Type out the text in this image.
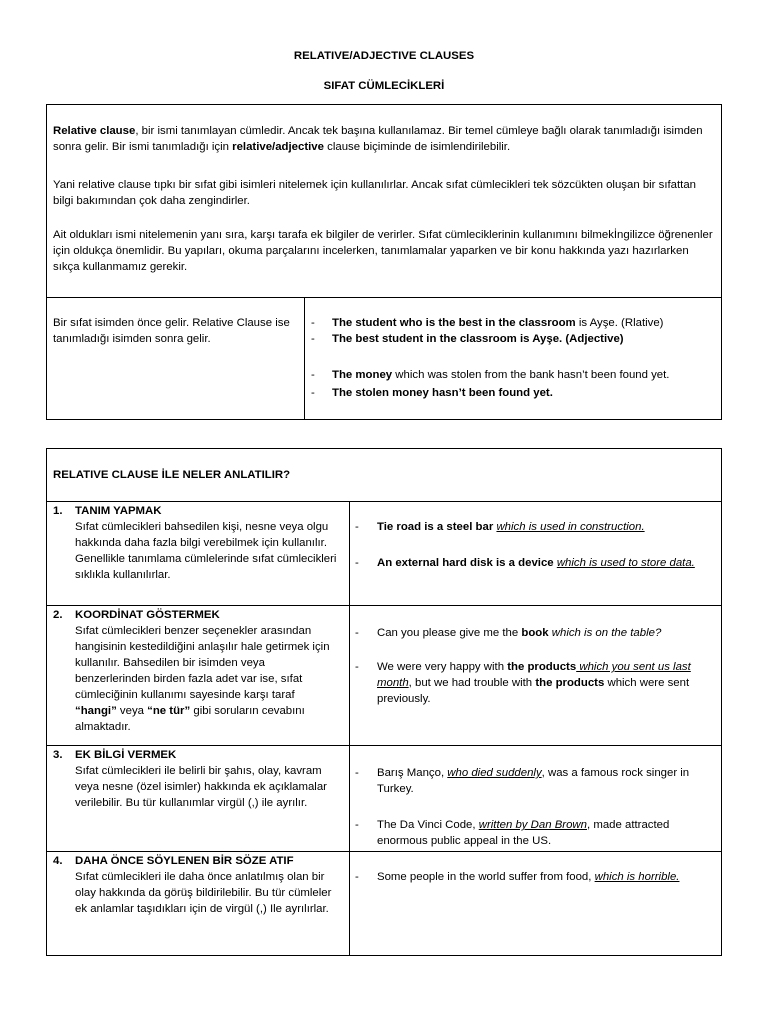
RELATIVE/ADJECTIVE CLAUSES
SIFAT CÜMLECİKLERİ

Relative clause, bir ismi tanımlayan cümledir. Ancak tek başına kullanılamaz. Bir temel cümleye bağlı olarak tanımladığı isimden sonra gelir. Bir ismi tanımladığı için relative/adjective clause biçiminde de isimlendirilebilir.

Yani relative clause tıpkı bir sıfat gibi isimleri nitelemek için kullanılırlar. Ancak sıfat cümlecikleri tek sözcükten oluşan bir sıfattan bilgi bakımından çok daha zengindirler.

Ait oldukları ismi nitelemenin yanı sıra, karşı tarafa ek bilgiler de verirler. Sıfat cümleciklerinin kullanımını bilmekİngilizce öğrenenler için oldukça önemlidir. Bu yapıları, okuma parçalarını incelerken, tanımlamalar yaparken ve bir konu hakkında yazı hazırlarken sıkça kullanmamız gerekir.

Bir sıfat isimden önce gelir. Relative Clause ise tanımladığı isimden sonra gelir.
- The student who is the best in the classroom is Ayşe. (Rlative)
- The best student in the classroom is Ayşe. (Adjective)
- The money which was stolen from the bank hasn’t been found yet.
- The stolen money hasn’t been found yet.
RELATIVE CLAUSE İLE NELER ANLATILIR?
1. TANIM YAPMAK
Sıfat cümlecikleri bahsedilen kişi, nesne veya olgu hakkında daha fazla bilgi verebilmek için kullanılır. Genellikle tanımlama cümlelerinde sıfat cümlecikleri sıklıkla kullanılırlar.
- Tie road is a steel bar which is used in construction.
- An external hard disk is a device which is used to store data.
2. KOORDİNAT GÖSTERMEK
Sıfat cümlecikleri benzer seçenekler arasından hangisinin kestedildiğini anlaşılır hale getirmek için kullanılır. Bahsedilen bir isimden veya benzerlerinden birden fazla adet var ise, sıfat cümleciğinin kullanımı sayesinde karşı taraf “hangi” veya “ne tür” gibi soruların cevabını almaktadır.
- Can you please give me the book which is on the table?
- We were very happy with the products which you sent us last month, but we had trouble with the products which were sent previously.
3. EK BİLGİ VERMEK
Sıfat cümlecikleri ile belirli bir şahıs, olay, kavram veya nesne (özel isimler) hakkında ek açıklamalar verilebilir. Bu tür kullanımlar virgül (,) ile ayrılır.
- Barış Manço, who died suddenly, was a famous rock singer in Turkey.
- The Da Vinci Code, written by Dan Brown, made attracted enormous public appeal in the US.
4. DAHA ÖNCE SÖYLENEN BİR SÖZE ATIF
Sıfat cümlecikleri ile daha önce anlatılmış olan bir olay hakkında da görüş bildirilebilir. Bu tür cümleler ek anlamlar taşıdıkları için de virgül (,) Ile ayrılırlar.
- Some people in the world suffer from food, which is horrible.
